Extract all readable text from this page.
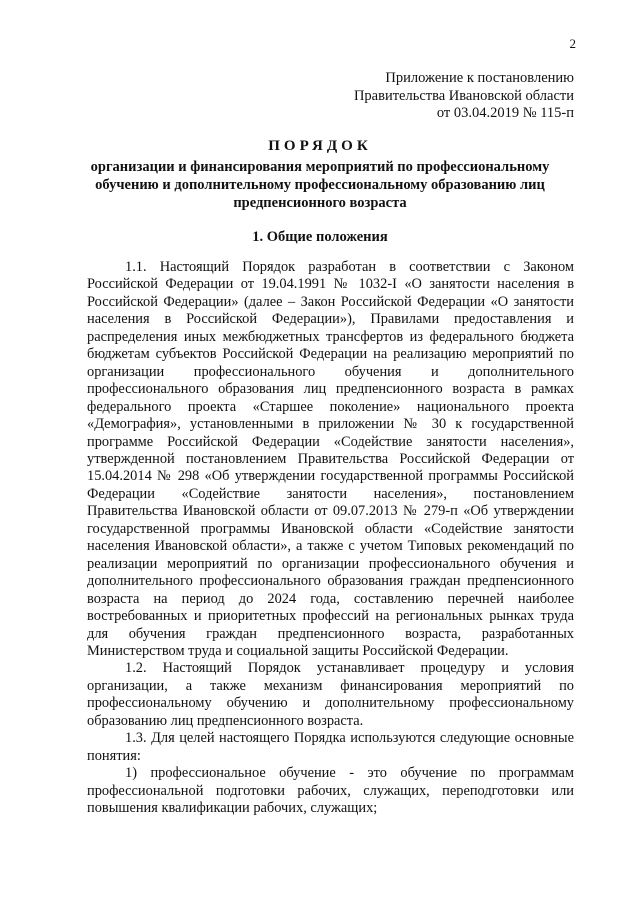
2
Приложение к постановлению
Правительства Ивановской области
от 03.04.2019 № 115-п
ПОРЯДОК
организации и финансирования мероприятий по профессиональному обучению и дополнительному профессиональному образованию лиц предпенсионного возраста
1. Общие положения

1.1. Настоящий Порядок разработан в соответствии с Законом Российской Федерации от 19.04.1991 № 1032-I «О занятости населения в Российской Федерации» (далее – Закон Российской Федерации «О занятости населения в Российской Федерации»), Правилами предоставления и распределения иных межбюджетных трансфертов из федерального бюджета бюджетам субъектов Российской Федерации на реализацию мероприятий по организации профессионального обучения и дополнительного профессионального образования лиц предпенсионного возраста в рамках федерального проекта «Старшее поколение» национального проекта «Демография», установленными в приложении № 30 к государственной программе Российской Федерации «Содействие занятости населения», утвержденной постановлением Правительства Российской Федерации от 15.04.2014 № 298 «Об утверждении государственной программы Российской Федерации «Содействие занятости населения», постановлением Правительства Ивановской области от 09.07.2013 № 279-п «Об утверждении государственной программы Ивановской области «Содействие занятости населения Ивановской области», а также с учетом Типовых рекомендаций по реализации мероприятий по организации профессионального обучения и дополнительного профессионального образования граждан предпенсионного возраста на период до 2024 года, составлению перечней наиболее востребованных и приоритетных профессий на региональных рынках труда для обучения граждан предпенсионного возраста, разработанных Министерством труда и социальной защиты Российской Федерации.

1.2. Настоящий Порядок устанавливает процедуру и условия организации, а также механизм финансирования мероприятий по профессиональному обучению и дополнительному профессиональному образованию лиц предпенсионного возраста.

1.3. Для целей настоящего Порядка используются следующие основные понятия:

1) профессиональное обучение - это обучение по программам профессиональной подготовки рабочих, служащих, переподготовки или повышения квалификации рабочих, служащих;
